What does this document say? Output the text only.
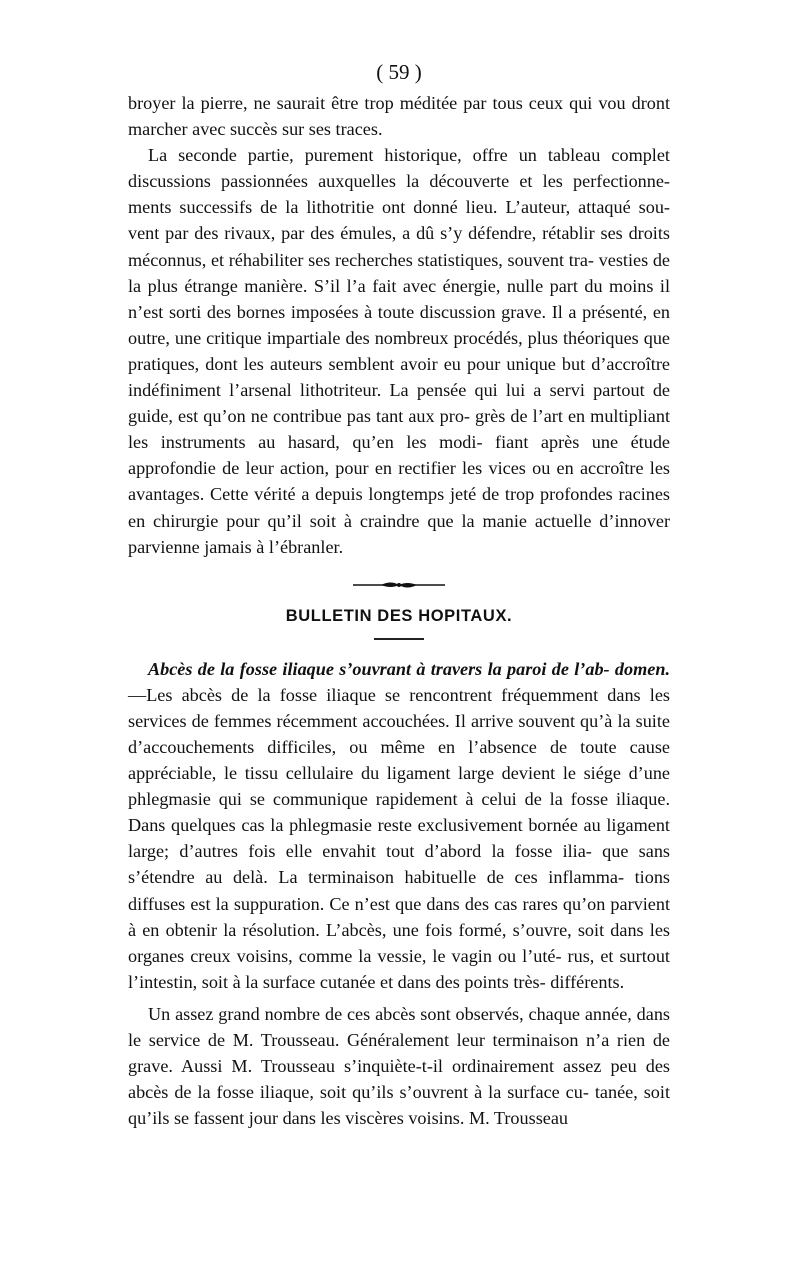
( 59 )

broyer la pierre, ne saurait être trop méditée par tous ceux qui vou dront marcher avec succès sur ses traces.

La seconde partie, purement historique, offre un tableau complet discussions passionnées auxquelles la découverte et les perfectionne- ments successifs de la lithotritie ont donné lieu. L’auteur, attaqué sou- vent par des rivaux, par des émules, a dû s’y défendre, rétablir ses droits méconnus, et réhabiliter ses recherches statistiques, souvent tra- vesties de la plus étrange manière. S’il l’a fait avec énergie, nulle part du moins il n’est sorti des bornes imposées à toute discussion grave. Il a présenté, en outre, une critique impartiale des nombreux procédés, plus théoriques que pratiques, dont les auteurs semblent avoir eu pour unique but d’accroître indéfiniment l’arsenal lithotriteur. La pensée qui lui a servi partout de guide, est qu’on ne contribue pas tant aux pro- grès de l’art en multipliant les instruments au hasard, qu’en les modi- fiant après une étude approfondie de leur action, pour en rectifier les vices ou en accroître les avantages. Cette vérité a depuis longtemps jeté de trop profondes racines en chirurgie pour qu’il soit à craindre que la manie actuelle d’innover parvienne jamais à l’ébranler.

BULLETIN DES HOPITAUX.

Abcès de la fosse iliaque s’ouvrant à travers la paroi de l’ab- domen.—Les abcès de la fosse iliaque se rencontrent fréquemment dans les services de femmes récemment accouchées. Il arrive souvent qu’à la suite d’accouchements difficiles, ou même en l’absence de toute cause appréciable, le tissu cellulaire du ligament large devient le siége d’une phlegmasie qui se communique rapidement à celui de la fosse iliaque. Dans quelques cas la phlegmasie reste exclusivement bornée au ligament large; d’autres fois elle envahit tout d’abord la fosse ilia- que sans s’étendre au delà. La terminaison habituelle de ces inflamma- tions diffuses est la suppuration. Ce n’est que dans des cas rares qu’on parvient à en obtenir la résolution. L’abcès, une fois formé, s’ouvre, soit dans les organes creux voisins, comme la vessie, le vagin ou l’uté- rus, et surtout l’intestin, soit à la surface cutanée et dans des points très- différents.

Un assez grand nombre de ces abcès sont observés, chaque année, dans le service de M. Trousseau. Généralement leur terminaison n’a rien de grave. Aussi M. Trousseau s’inquiète-t-il ordinairement assez peu des abcès de la fosse iliaque, soit qu’ils s’ouvrent à la surface cu- tanée, soit qu’ils se fassent jour dans les viscères voisins. M. Trousseau
